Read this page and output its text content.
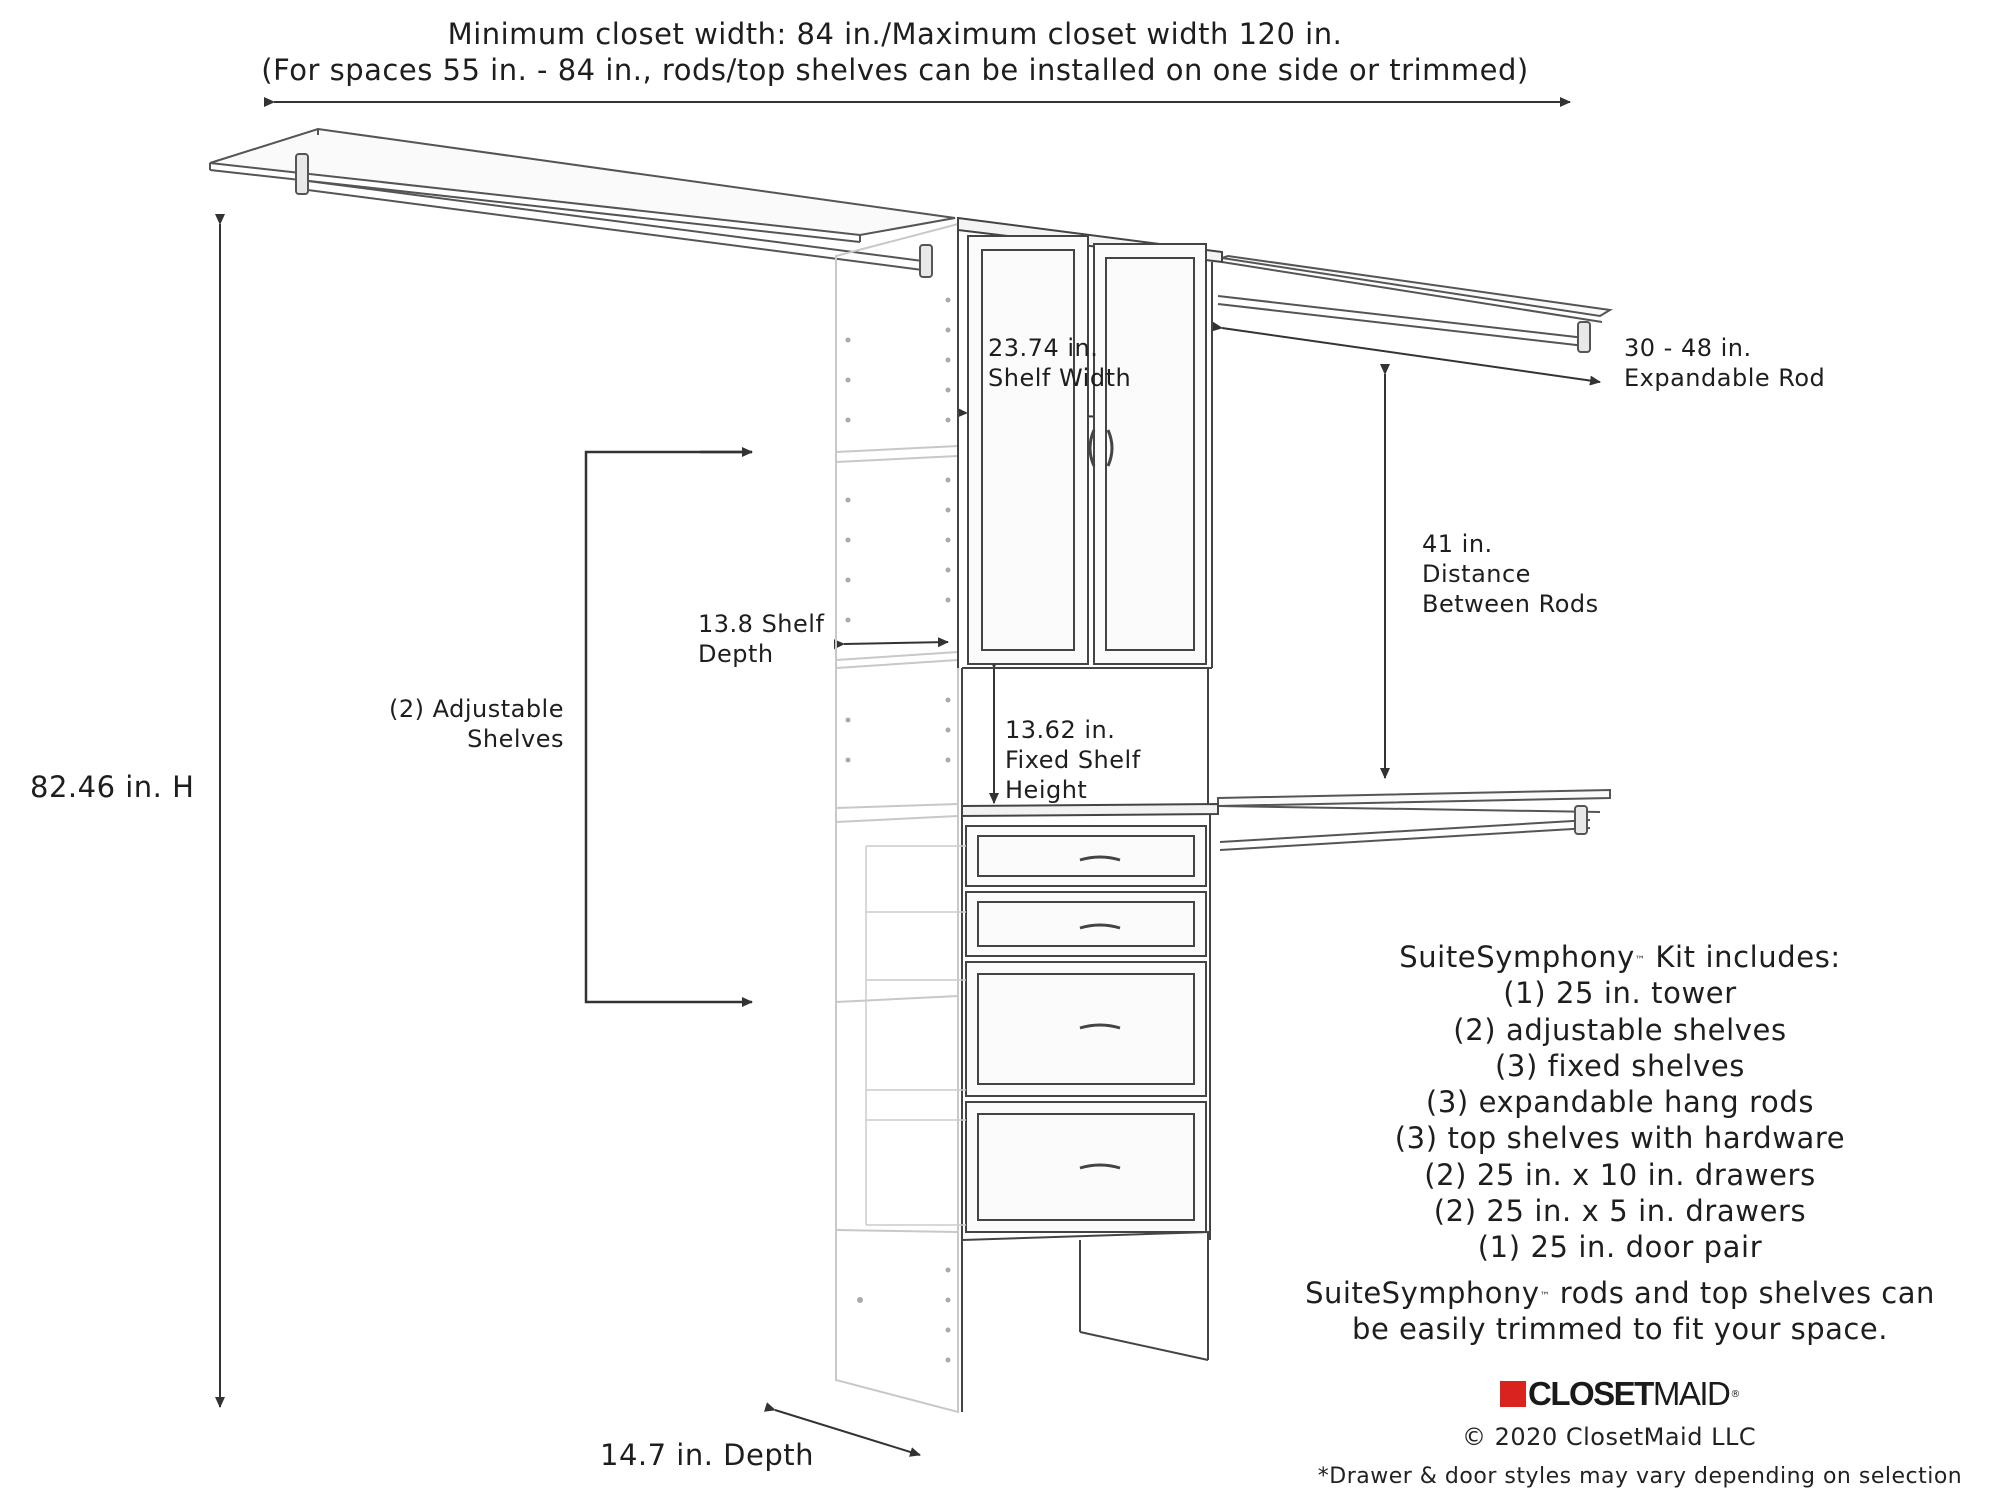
Minimum closet width: 84 in./Maximum closet width 120 in.
(For spaces 55 in. - 84 in., rods/top shelves can be installed on one side or trimmed)
82.46 in. H
14.7 in. Depth
23.74 in.
Shelf Width
30 - 48 in.
Expandable Rod
41 in.
Distance
Between Rods
13.8 Shelf
Depth
13.62 in.
Fixed Shelf
Height
(2) Adjustable
Shelves
SuiteSymphony™ Kit includes:
(1) 25 in. tower
(2) adjustable shelves
(3) fixed shelves
(3) expandable hang rods
(3) top shelves with hardware
(2) 25 in. x 10 in. drawers
(2) 25 in. x 5 in. drawers
(1) 25 in. door pair
SuiteSymphony™ rods and top shelves can
be easily trimmed to fit your space.
CLOSET MAID ®
© 2020 ClosetMaid LLC
*Drawer & door styles may vary depending on selection
